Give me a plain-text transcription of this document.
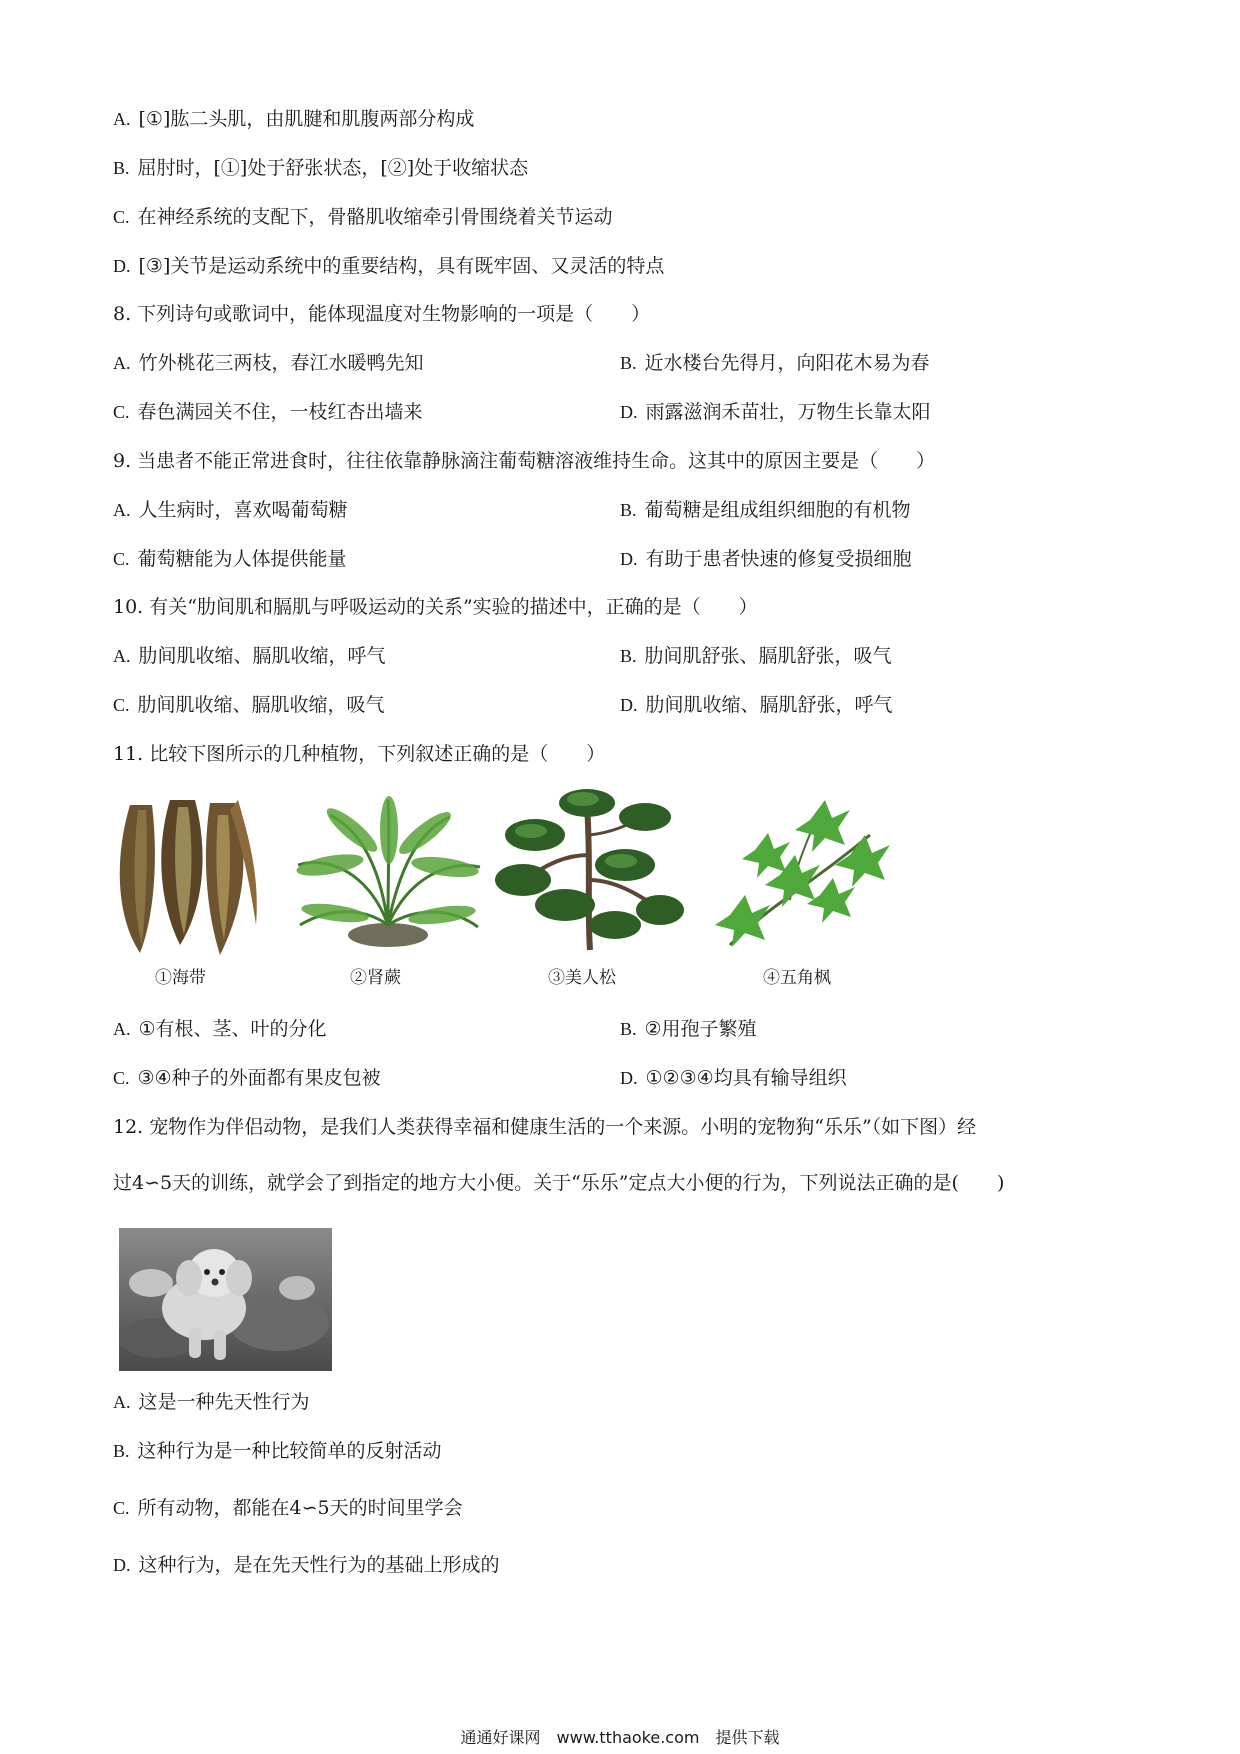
A. [①]肱二头肌，由肌腱和肌腹两部分构成
B. 屈肘时，[①]处于舒张状态，[②]处于收缩状态
C. 在神经系统的支配下，骨骼肌收缩牵引骨围绕着关节运动
D. [③]关节是运动系统中的重要结构，具有既牢固、又灵活的特点
8. 下列诗句或歌词中，能体现温度对生物影响的一项是（　　）
A. 竹外桃花三两枝，春江水暖鸭先知	B. 近水楼台先得月，向阳花木易为春
C. 春色满园关不住，一枝红杏出墙来	D. 雨露滋润禾苗壮，万物生长靠太阳
9. 当患者不能正常进食时，往往依靠静脉滴注葡萄糖溶液维持生命。这其中的原因主要是（　　）
A. 人生病时，喜欢喝葡萄糖	B. 葡萄糖是组成组织细胞的有机物
C. 葡萄糖能为人体提供能量	D. 有助于患者快速的修复受损细胞
10. 有关“肋间肌和膈肌与呼吸运动的关系”实验的描述中，正确的是（　　）
A. 肋间肌收缩、膈肌收缩，呼气	B. 肋间肌舒张、膈肌舒张，吸气
C. 肋间肌收缩、膈肌收缩，吸气	D. 肋间肌收缩、膈肌舒张，呼气
11. 比较下图所示的几种植物，下列叙述正确的是（　　）
①海带	②肾蕨	③美人松	④五角枫
A. ①有根、茎、叶的分化	B. ②用孢子繁殖
C. ③④种子的外面都有果皮包被	D. ①②③④均具有输导组织
12. 宠物作为伴侣动物，是我们人类获得幸福和健康生活的一个来源。小明的宠物狗“乐乐”（如下图）经
过4∽5天的训练，就学会了到指定的地方大小便。关于“乐乐”定点大小便的行为，下列说法正确的是(　　)
A. 这是一种先天性行为
B. 这种行为是一种比较简单的反射活动
C. 所有动物，都能在4∽5天的时间里学会
D. 这种行为，是在先天性行为的基础上形成的
通通好课网　www.tthaoke.com　提供下载
